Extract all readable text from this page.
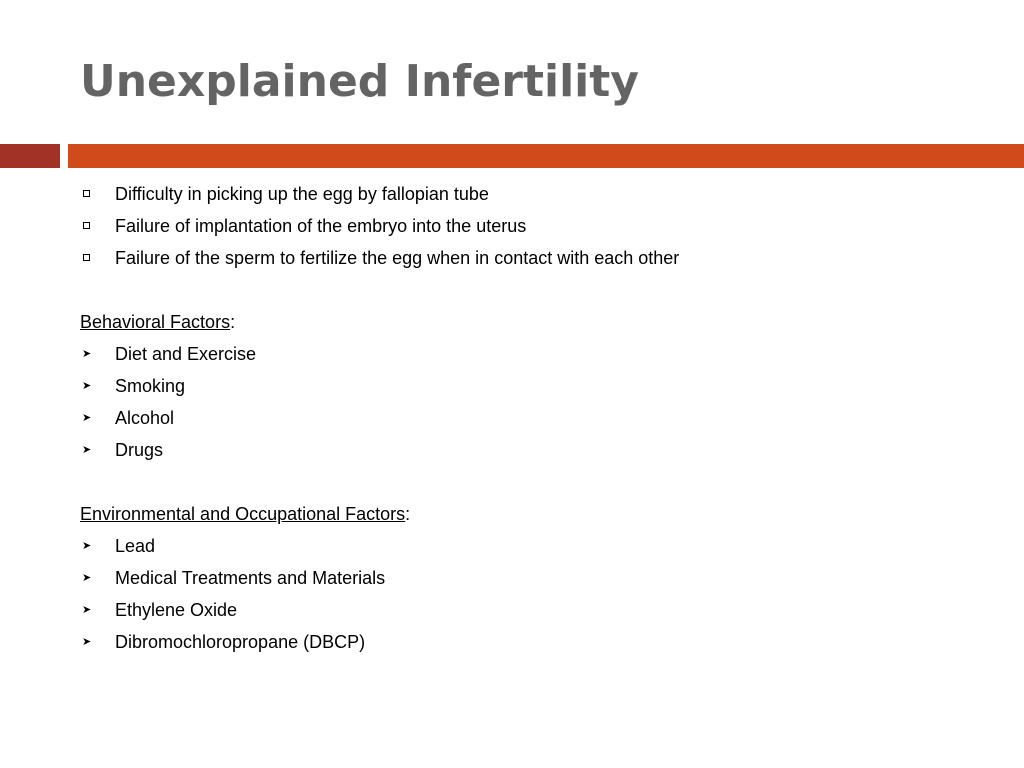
Unexplained Infertility
Difficulty in picking up the egg by fallopian tube
Failure of implantation of the embryo into the uterus
Failure of the sperm to fertilize the egg when in contact with each other
Behavioral Factors:
➤	Diet and Exercise
➤	Smoking
➤	Alcohol
➤	Drugs
Environmental and Occupational Factors:
➤	Lead
➤	Medical Treatments and Materials
➤	Ethylene Oxide
➤	Dibromochloropropane (DBCP)
